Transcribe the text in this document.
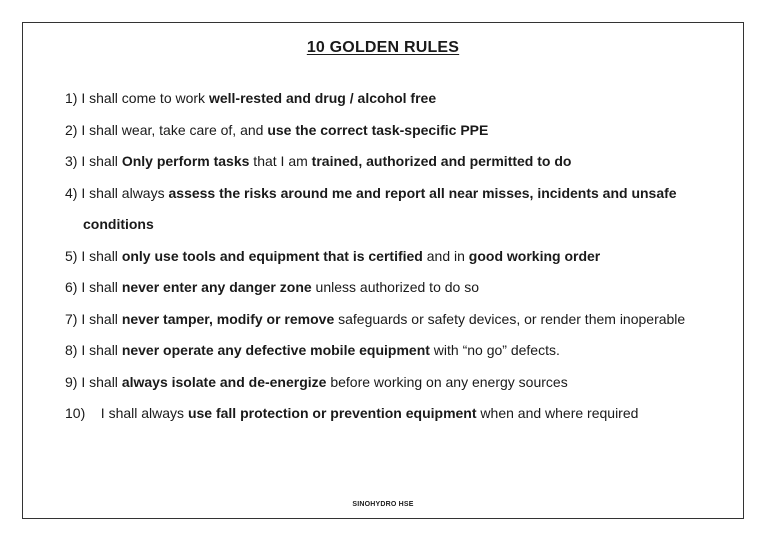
10 GOLDEN RULES
1) I shall come to work well-rested and drug / alcohol free
2) I shall wear, take care of, and use the correct task-specific PPE
3) I shall Only perform tasks that I am trained, authorized and permitted to do
4) I shall always assess the risks around me and report all near misses, incidents and unsafe conditions
5) I shall only use tools and equipment that is certified and in good working order
6) I shall never enter any danger zone unless authorized to do so
7) I shall never tamper, modify or remove safeguards or safety devices, or render them inoperable
8) I shall never operate any defective mobile equipment with “no go” defects.
9) I shall always isolate and de-energize before working on any energy sources
10)    I shall always use fall protection or prevention equipment when and where required
SINOHYDRO HSE
